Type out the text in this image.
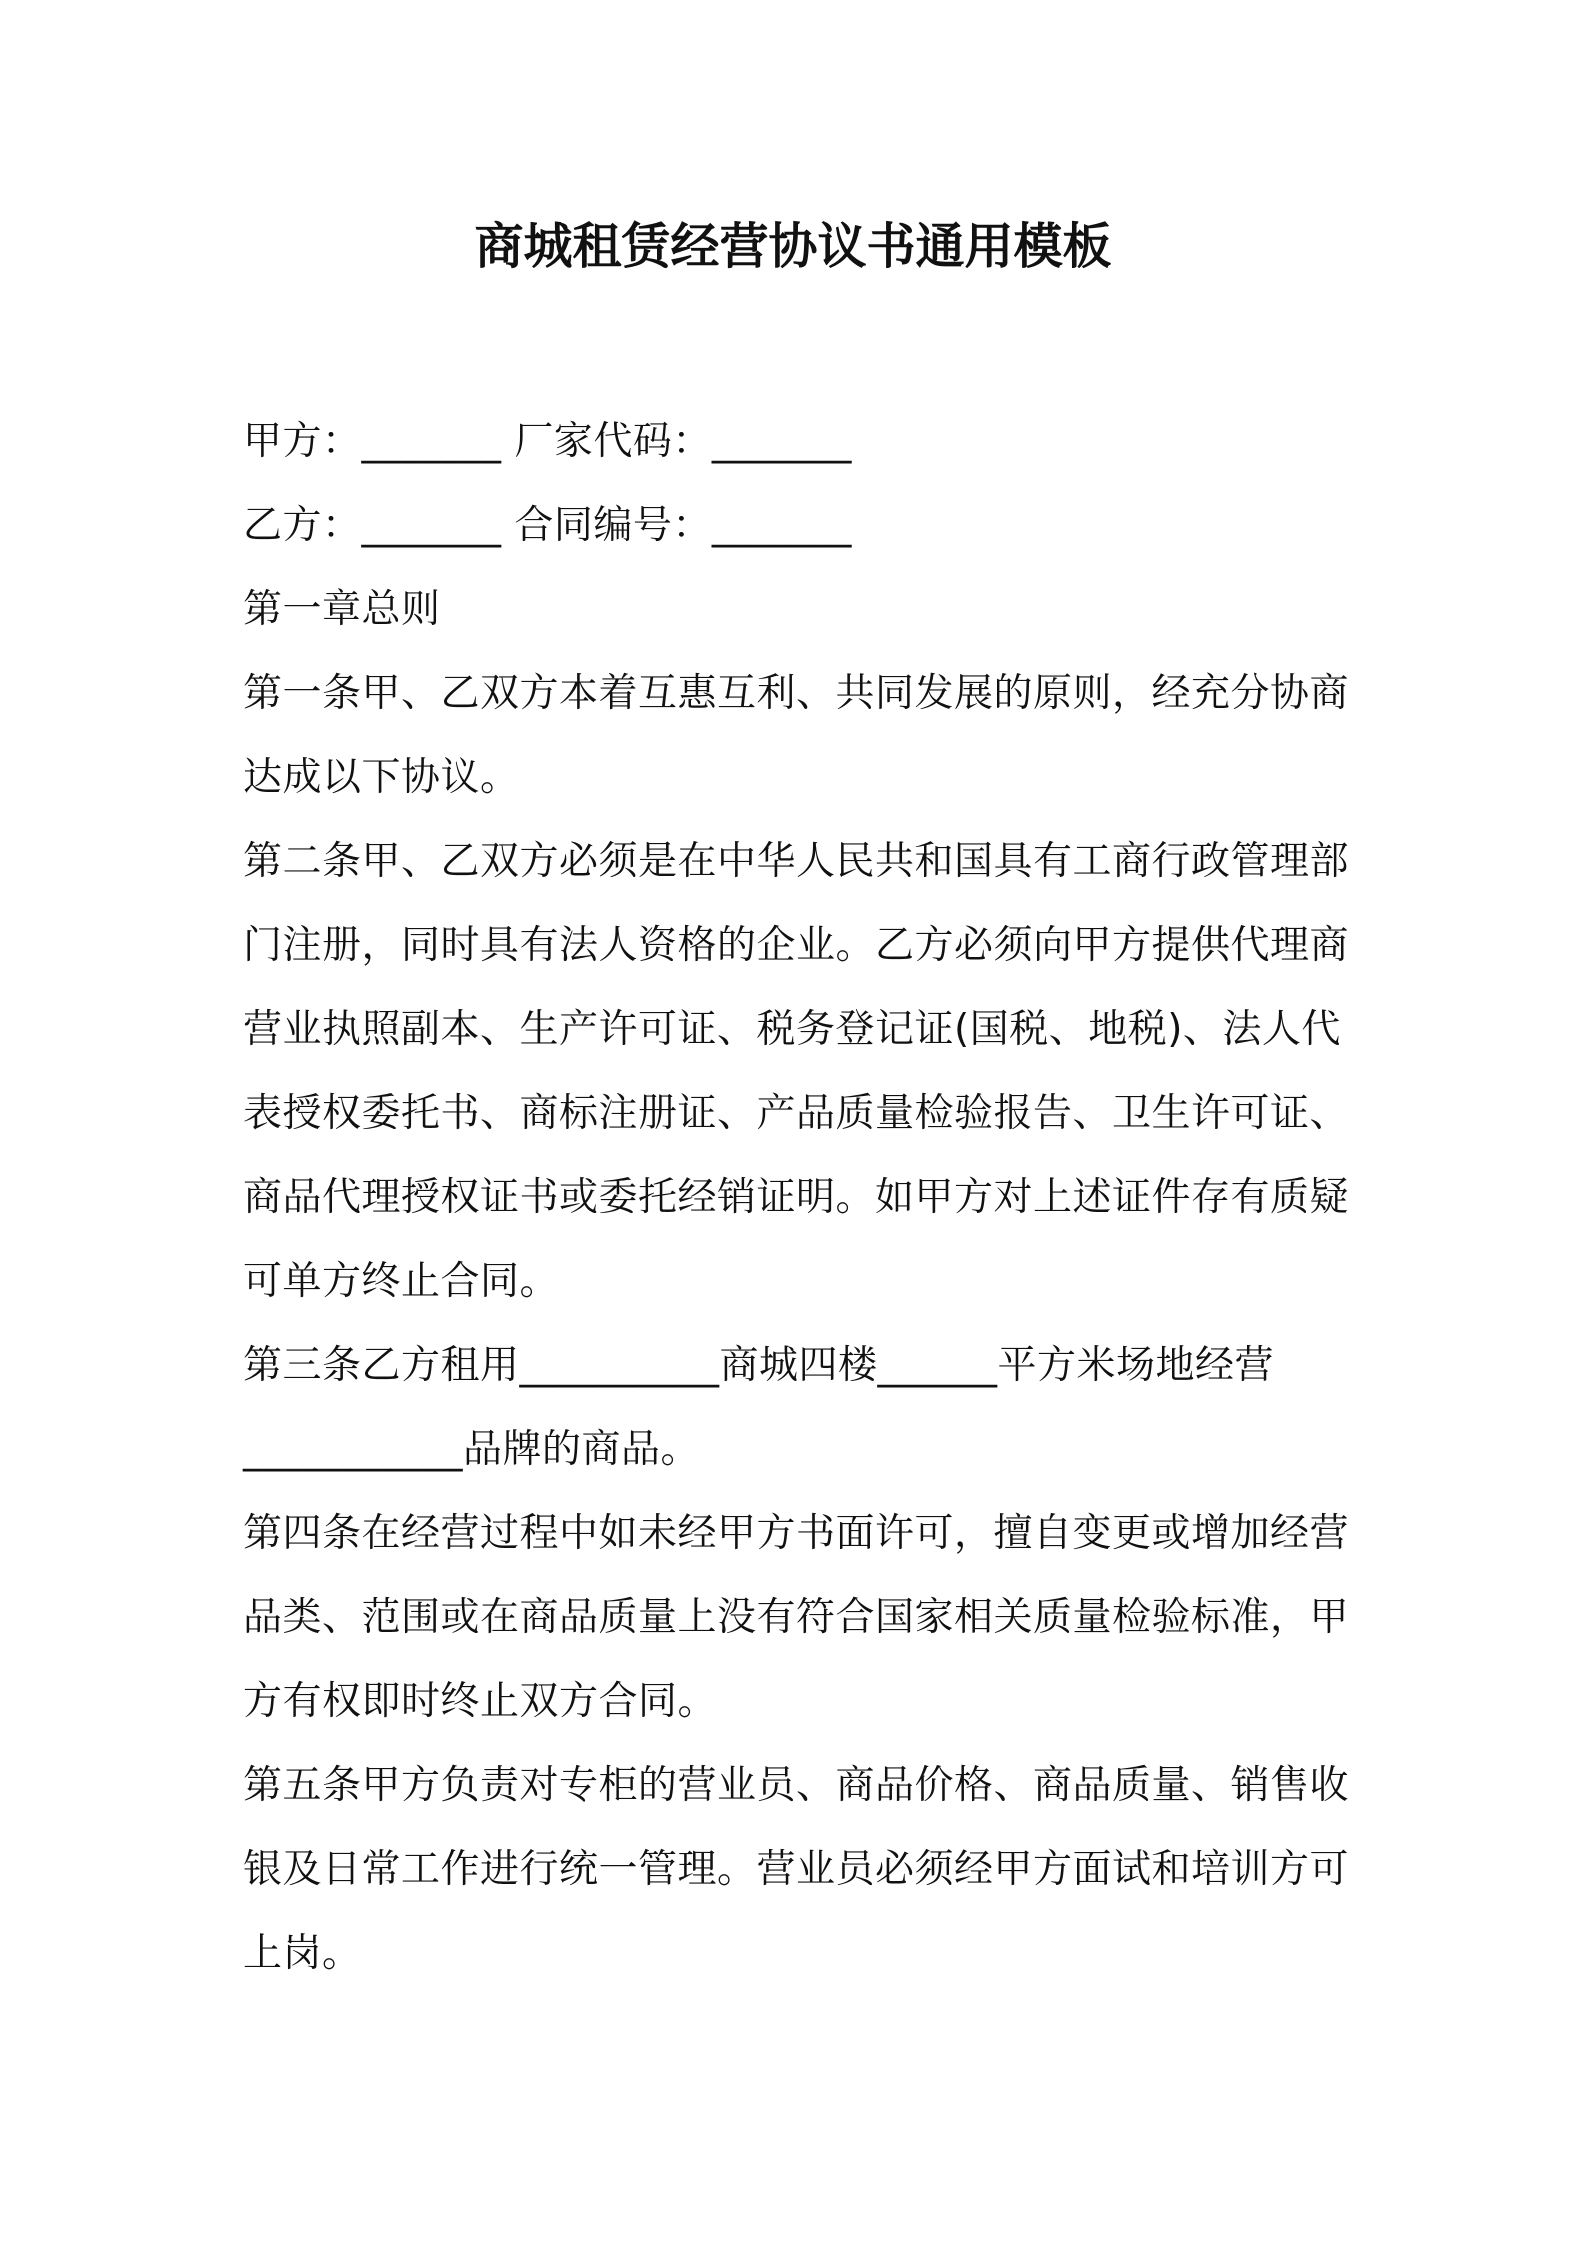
商城租赁经营协议书通用模板

甲方：_______ 厂家代码：_______

乙方：_______ 合同编号：_______

第一章总则

第一条甲、乙双方本着互惠互利、共同发展的原则，经充分协商

达成以下协议。

第二条甲、乙双方必须是在中华人民共和国具有工商行政管理部

门注册，同时具有法人资格的企业。乙方必须向甲方提供代理商

营业执照副本、生产许可证、税务登记证(国税、地税)、法人代

表授权委托书、商标注册证、产品质量检验报告、卫生许可证、

商品代理授权证书或委托经销证明。如甲方对上述证件存有质疑

可单方终止合同。

第三条乙方租用__________商城四楼______平方米场地经营

___________品牌的商品。

第四条在经营过程中如未经甲方书面许可，擅自变更或增加经营

品类、范围或在商品质量上没有符合国家相关质量检验标准，甲

方有权即时终止双方合同。

第五条甲方负责对专柜的营业员、商品价格、商品质量、销售收

银及日常工作进行统一管理。营业员必须经甲方面试和培训方可

上岗。
